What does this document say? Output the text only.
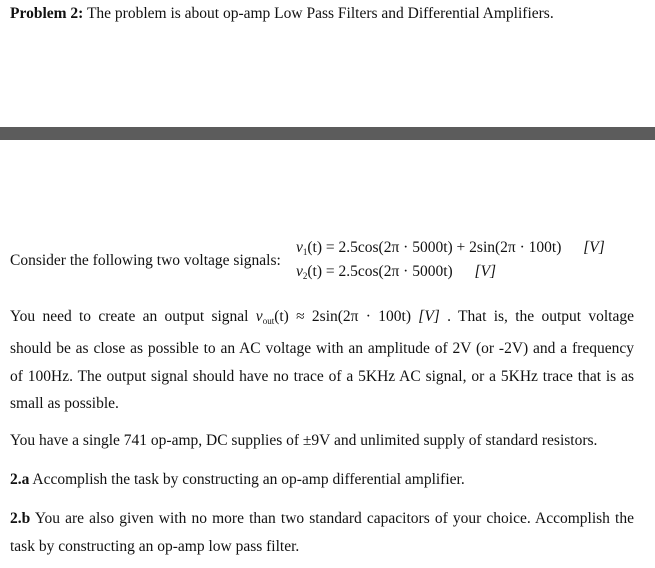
Problem 2: The problem is about op-amp Low Pass Filters and Differential Amplifiers.
Consider the following two voltage signals:
v1(t) = 2.5cos(2π · 5000t) + 2sin(2π · 100t) [V]
v2(t) = 2.5cos(2π · 5000t) [V]
You need to create an output signal vout(t) ≈ 2sin(2π · 100t) [V] . That is, the output voltage
should be as close as possible to an AC voltage with an amplitude of 2V (or -2V) and a frequency
of 100Hz. The output signal should have no trace of a 5KHz AC signal, or a 5KHz trace that is as
small as possible.
You have a single 741 op-amp, DC supplies of ±9V and unlimited supply of standard resistors.
2.a Accomplish the task by constructing an op-amp differential amplifier.
2.b You are also given with no more than two standard capacitors of your choice. Accomplish the
task by constructing an op-amp low pass filter.
